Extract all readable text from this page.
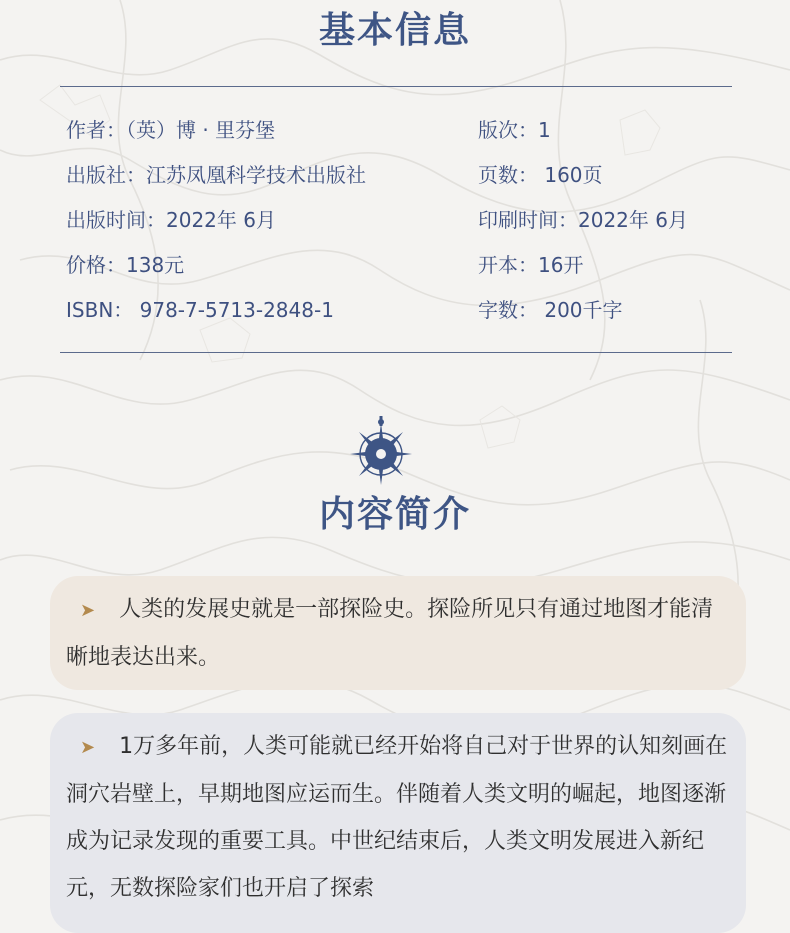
基本信息
作者：（英）博 · 里芬堡	版次：1
出版社：江苏凤凰科学技术出版社	页数： 160页
出版时间：2022年 6月	印刷时间：2022年 6月
价格：138元	开本：16开
ISBN： 978-7-5713-2848-1	字数： 200千字
内容简介
➤ 人类的发展史就是一部探险史。探险所见只有通过地图才能清晰地表达出来。
➤ 1万多年前，人类可能就已经开始将自己对于世界的认知刻画在洞穴岩壁上，早期地图应运而生。伴随着人类文明的崛起，地图逐渐成为记录发现的重要工具。中世纪结束后，人类文明发展进入新纪元，无数探险家们也开启了探索
